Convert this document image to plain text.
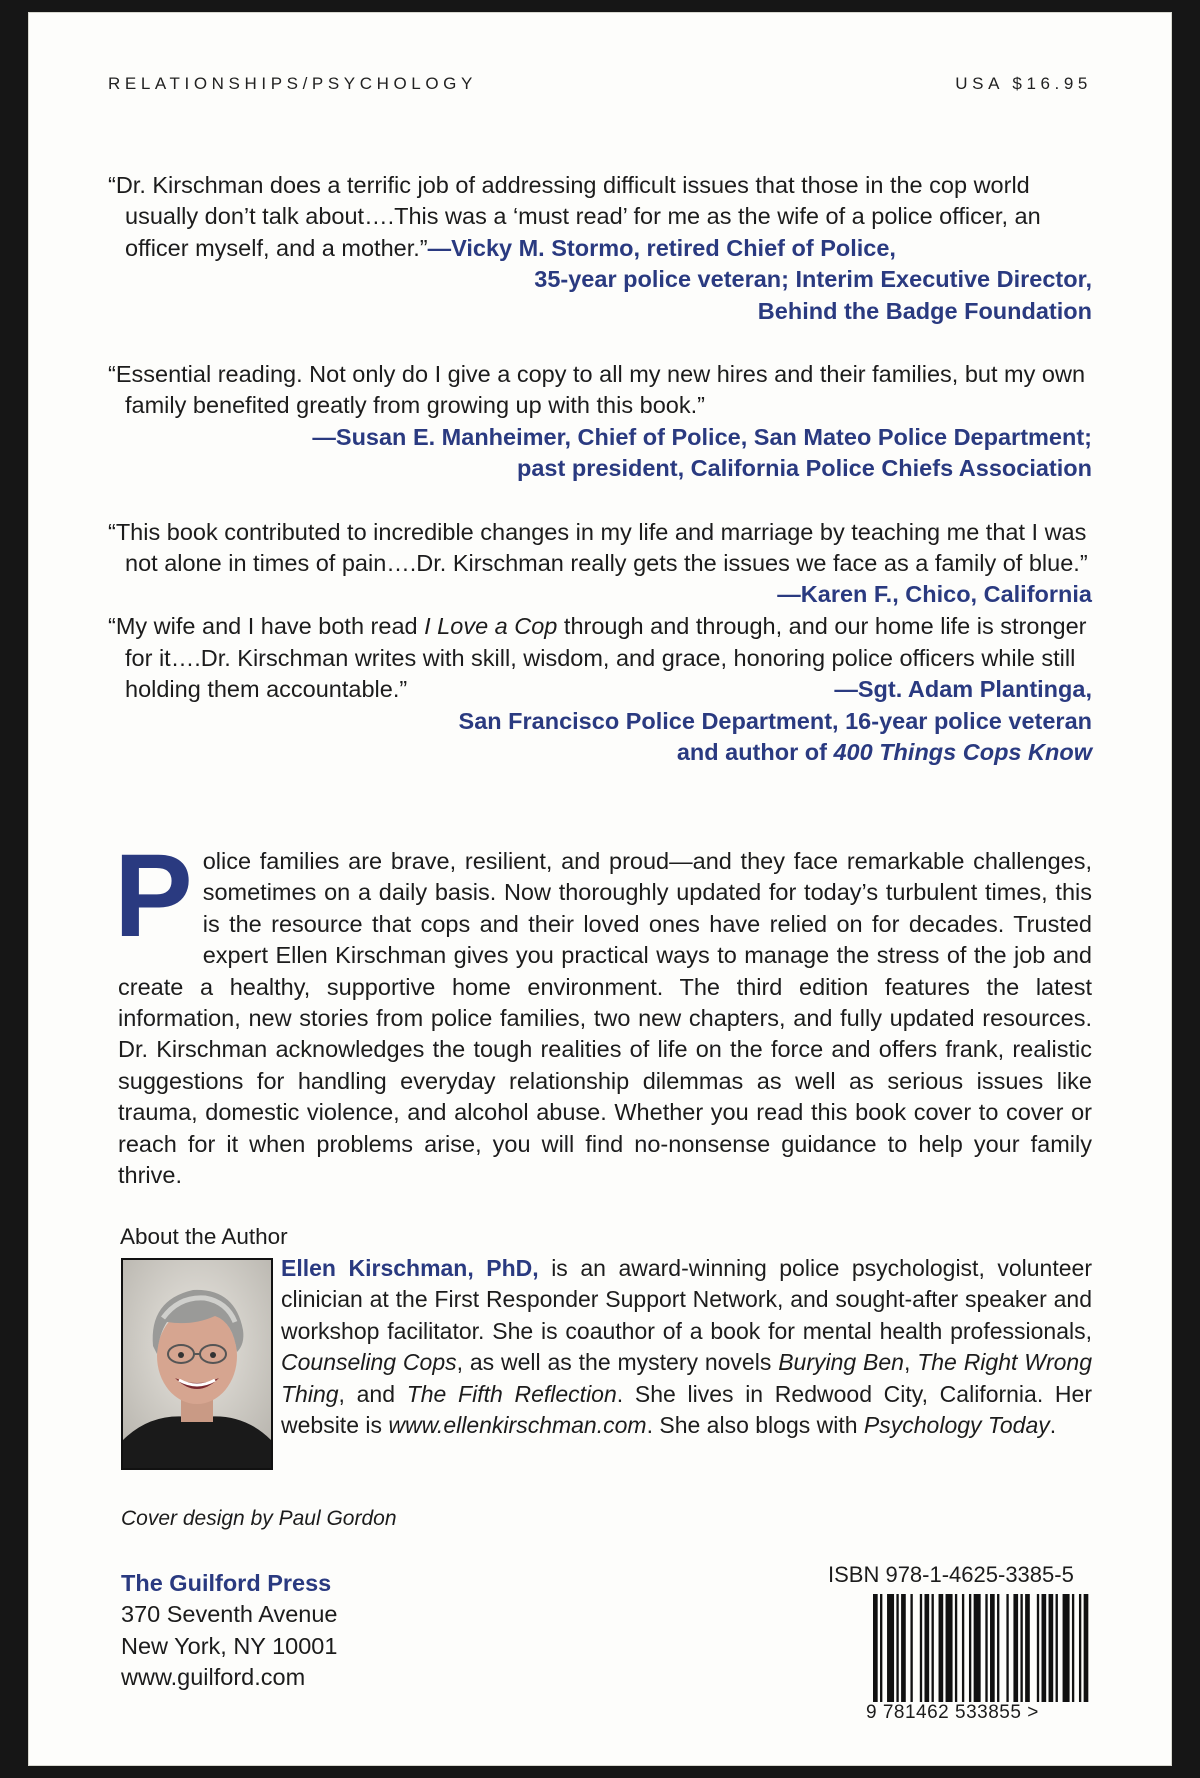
RELATIONSHIPS/PSYCHOLOGY	USA $16.95

“Dr. Kirschman does a terrific job of addressing difficult issues that those in the cop world usually don’t talk about….This was a ‘must read’ for me as the wife of a police officer, an officer myself, and a mother.”—Vicky M. Stormo, retired Chief of Police,
35-year police veteran; Interim Executive Director,
Behind the Badge Foundation

“Essential reading. Not only do I give a copy to all my new hires and their families, but my own family benefited greatly from growing up with this book.”
—Susan E. Manheimer, Chief of Police, San Mateo Police Department;
past president, California Police Chiefs Association

“This book contributed to incredible changes in my life and marriage by teaching me that I was not alone in times of pain….Dr. Kirschman really gets the issues we face as a family of blue.”
—Karen F., Chico, California

“My wife and I have both read I Love a Cop through and through, and our home life is stronger for it….Dr. Kirschman writes with skill, wisdom, and grace, honoring police officers while still holding them accountable.”	—Sgt. Adam Plantinga,
San Francisco Police Department, 16-year police veteran
and author of 400 Things Cops Know

Police families are brave, resilient, and proud—and they face remarkable challenges, sometimes on a daily basis. Now thoroughly updated for today’s turbulent times, this is the resource that cops and their loved ones have relied on for decades. Trusted expert Ellen Kirschman gives you practical ways to manage the stress of the job and create a healthy, supportive home environment. The third edition features the latest information, new stories from police families, two new chapters, and fully updated resources. Dr. Kirschman acknowledges the tough realities of life on the force and offers frank, realistic suggestions for handling everyday relationship dilemmas as well as serious issues like trauma, domestic violence, and alcohol abuse. Whether you read this book cover to cover or reach for it when problems arise, you will find no-nonsense guidance to help your family thrive.
About the Author
Ellen Kirschman, PhD, is an award-winning police psychologist, volunteer clinician at the First Responder Support Network, and sought-after speaker and workshop facilitator. She is coauthor of a book for mental health professionals, Counseling Cops, as well as the mystery novels Burying Ben, The Right Wrong Thing, and The Fifth Reflection. She lives in Redwood City, California. Her website is www.ellenkirschman.com. She also blogs with Psychology Today.
Cover design by Paul Gordon
The Guilford Press
370 Seventh Avenue
New York, NY 10001
www.guilford.com
ISBN 978-1-4625-3385-5
9 781462 533855 >
